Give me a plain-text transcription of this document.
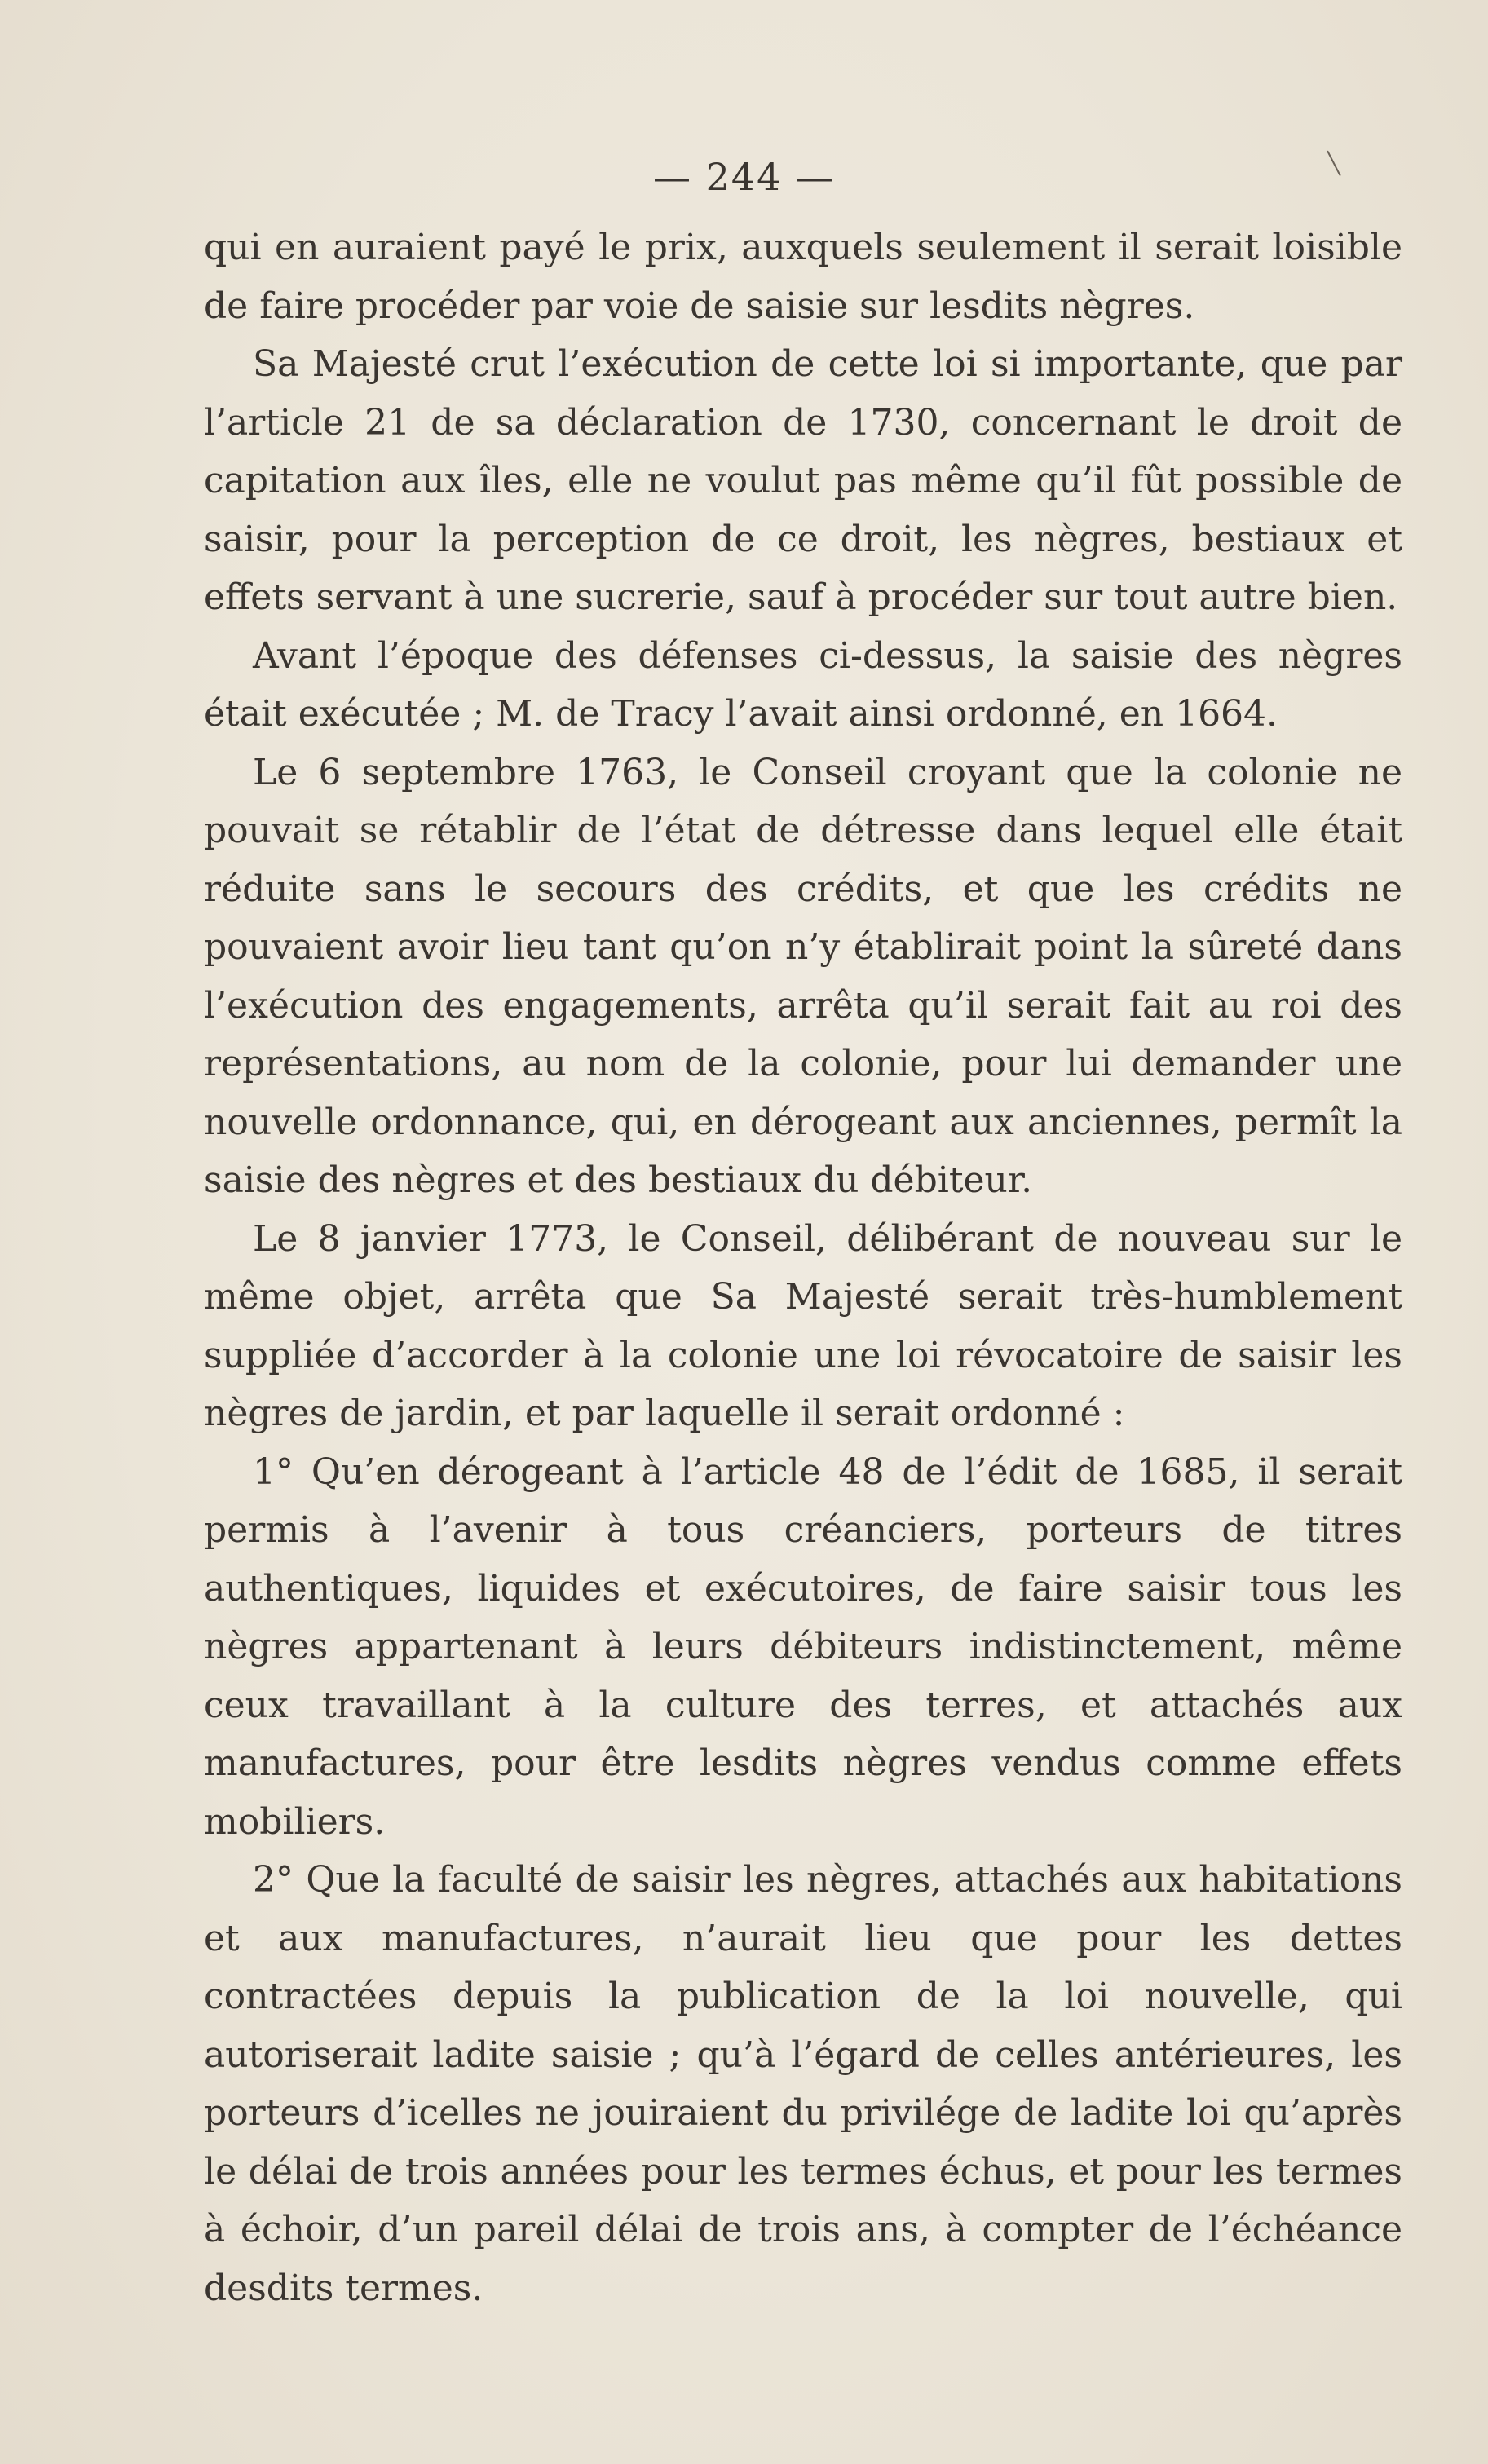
— 244 —	╲

qui en auraient payé le prix, auxquels seulement il serait loisible de faire procéder par voie de saisie sur lesdits nègres.

Sa Majesté crut l’exécution de cette loi si importante, que par l’article 21 de sa déclaration de 1730, concernant le droit de capitation aux îles, elle ne voulut pas même qu’il fût possible de saisir, pour la perception de ce droit, les nègres, bestiaux et effets servant à une sucrerie, sauf à procéder sur tout autre bien.

Avant l’époque des défenses ci-dessus, la saisie des nègres était exécutée ; M. de Tracy l’avait ainsi ordonné, en 1664.

Le 6 septembre 1763, le Conseil croyant que la colonie ne pouvait se rétablir de l’état de détresse dans lequel elle était réduite sans le secours des crédits, et que les crédits ne pouvaient avoir lieu tant qu’on n’y établirait point la sûreté dans l’exécution des engagements, arrêta qu’il serait fait au roi des représentations, au nom de la colonie, pour lui demander une nouvelle ordonnance, qui, en dérogeant aux anciennes, permît la saisie des nègres et des bestiaux du débiteur.

Le 8 janvier 1773, le Conseil, délibérant de nouveau sur le même objet, arrêta que Sa Majesté serait très-humblement suppliée d’accorder à la colonie une loi révocatoire de saisir les nègres de jardin, et par laquelle il serait ordonné :

1° Qu’en dérogeant à l’article 48 de l’édit de 1685, il serait permis à l’avenir à tous créanciers, porteurs de titres authentiques, liquides et exécutoires, de faire saisir tous les nègres appartenant à leurs débiteurs indistinctement, même ceux travaillant à la culture des terres, et attachés aux manufactures, pour être lesdits nègres vendus comme effets mobiliers.

2° Que la faculté de saisir les nègres, attachés aux habitations et aux manufactures, n’aurait lieu que pour les dettes contractées depuis la publication de la loi nouvelle, qui autoriserait ladite saisie ; qu’à l’égard de celles antérieures, les porteurs d’icelles ne jouiraient du privilége de ladite loi qu’après le délai de trois années pour les termes échus, et pour les termes à échoir, d’un pareil délai de trois ans, à compter de l’échéance desdits termes.
